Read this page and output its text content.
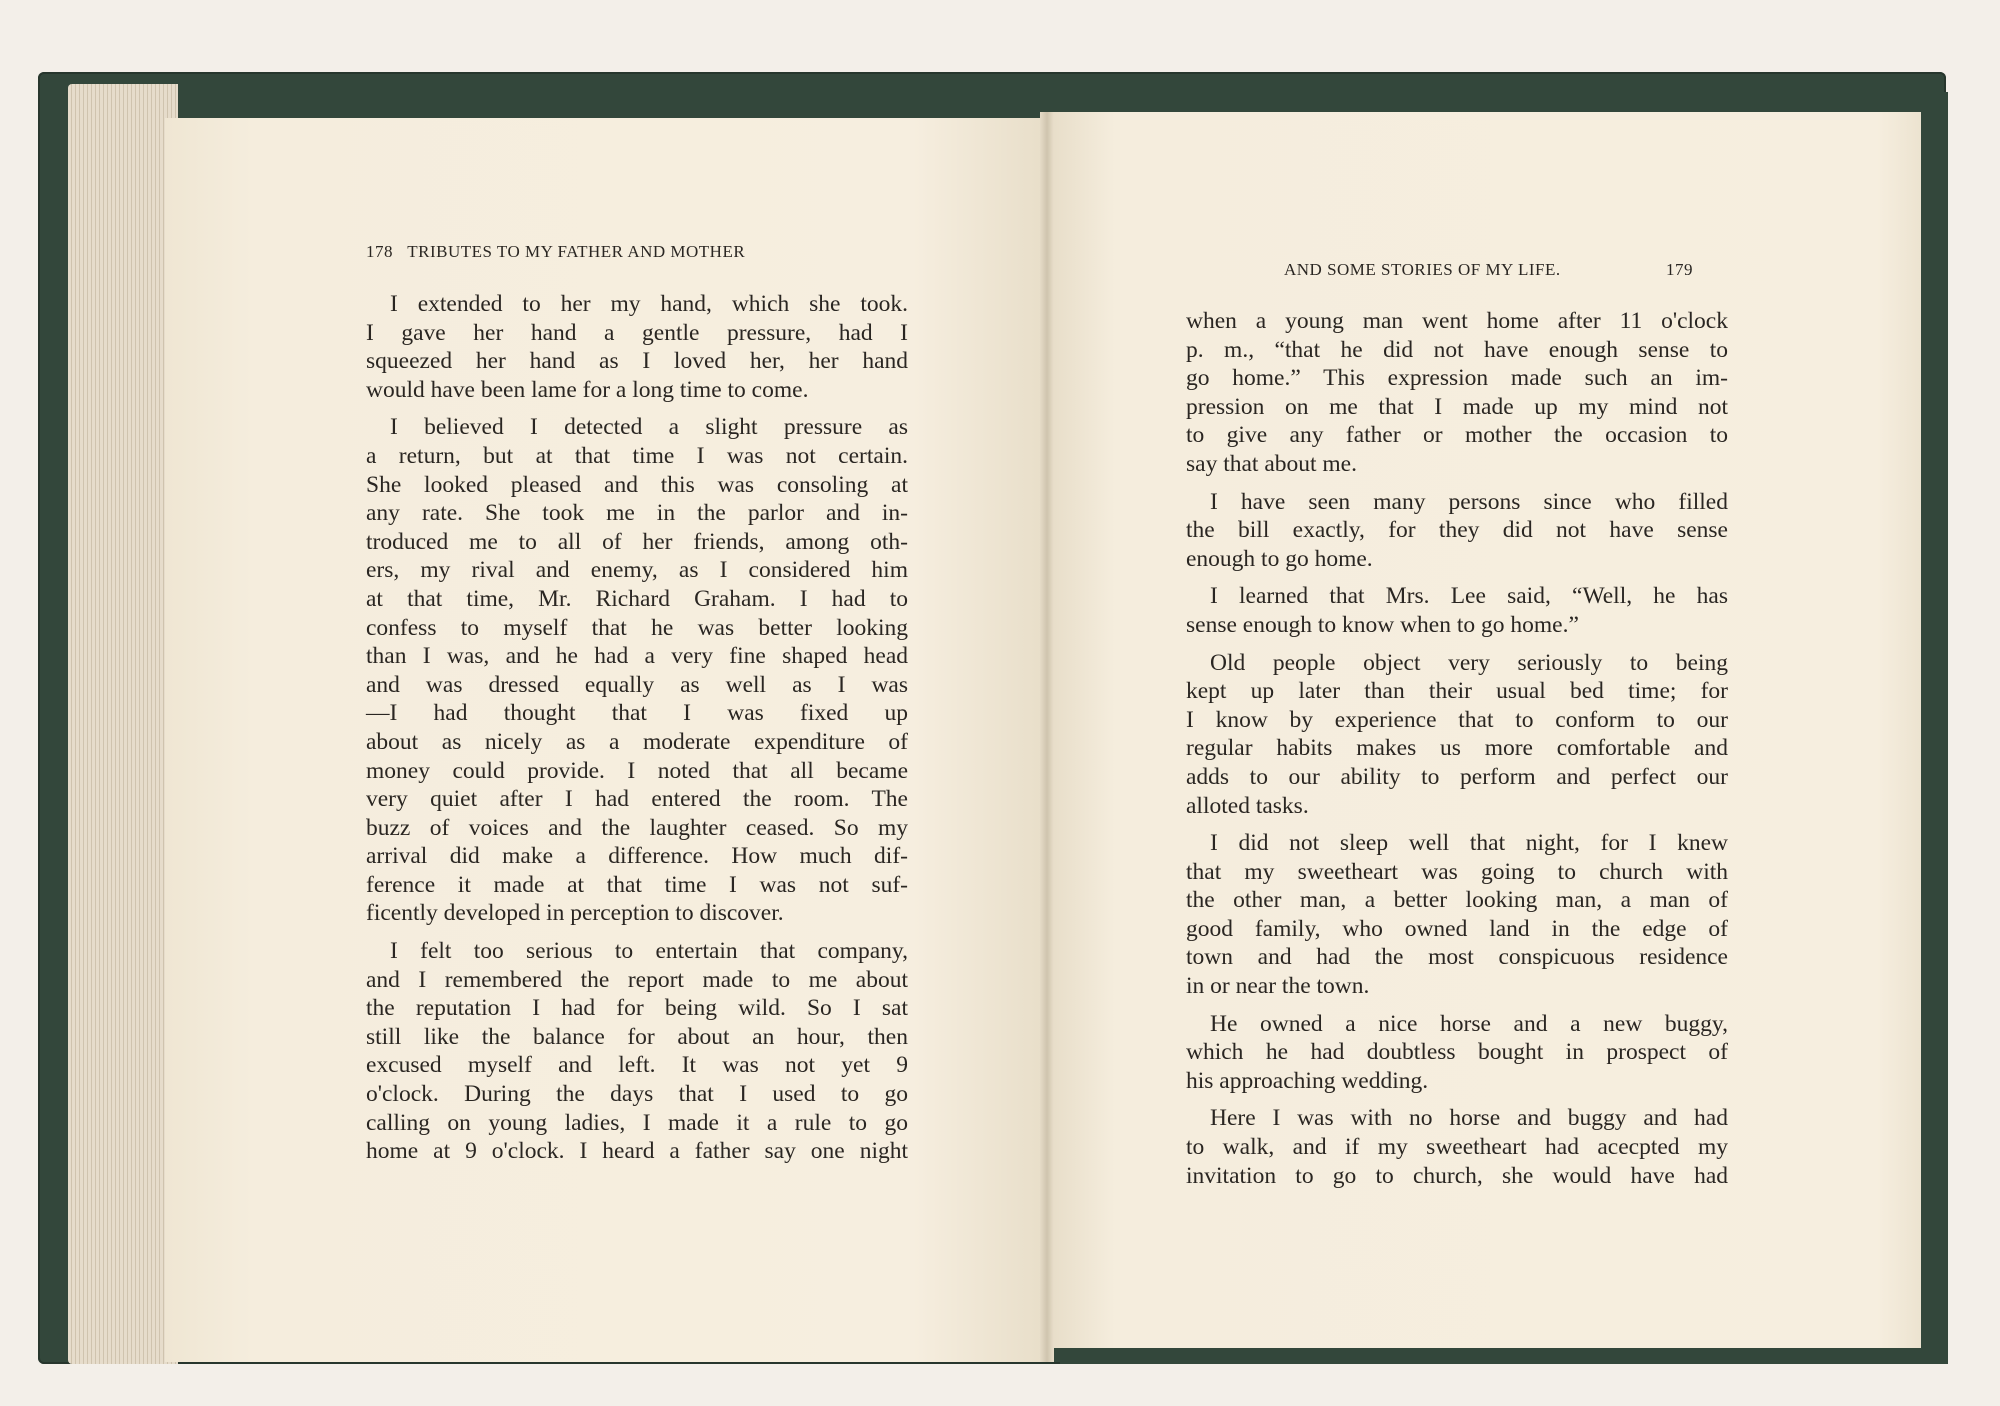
178 TRIBUTES TO MY FATHER AND MOTHER
I extended to her my hand, which she took.
I gave her hand a gentle pressure, had I
squeezed her hand as I loved her, her hand
would have been lame for a long time to come.
I believed I detected a slight pressure as
a return, but at that time I was not certain.
She looked pleased and this was consoling at
any rate. She took me in the parlor and in-
troduced me to all of her friends, among oth-
ers, my rival and enemy, as I considered him
at that time, Mr. Richard Graham. I had to
confess to myself that he was better looking
than I was, and he had a very fine shaped head
and was dressed equally as well as I was
—I had thought that I was fixed up
about as nicely as a moderate expenditure of
money could provide. I noted that all became
very quiet after I had entered the room. The
buzz of voices and the laughter ceased. So my
arrival did make a difference. How much dif-
ference it made at that time I was not suf-
ficently developed in perception to discover.
I felt too serious to entertain that company,
and I remembered the report made to me about
the reputation I had for being wild. So I sat
still like the balance for about an hour, then
excused myself and left. It was not yet 9
o'clock. During the days that I used to go
calling on young ladies, I made it a rule to go
home at 9 o'clock. I heard a father say one night
AND SOME STORIES OF MY LIFE.	179
when a young man went home after 11 o'clock
p. m., “that he did not have enough sense to
go home.” This expression made such an im-
pression on me that I made up my mind not
to give any father or mother the occasion to
say that about me.
I have seen many persons since who filled
the bill exactly, for they did not have sense
enough to go home.
I learned that Mrs. Lee said, “Well, he has
sense enough to know when to go home.”
Old people object very seriously to being
kept up later than their usual bed time; for
I know by experience that to conform to our
regular habits makes us more comfortable and
adds to our ability to perform and perfect our
alloted tasks.
I did not sleep well that night, for I knew
that my sweetheart was going to church with
the other man, a better looking man, a man of
good family, who owned land in the edge of
town and had the most conspicuous residence
in or near the town.
He owned a nice horse and a new buggy,
which he had doubtless bought in prospect of
his approaching wedding.
Here I was with no horse and buggy and had
to walk, and if my sweetheart had acecpted my
invitation to go to church, she would have had
